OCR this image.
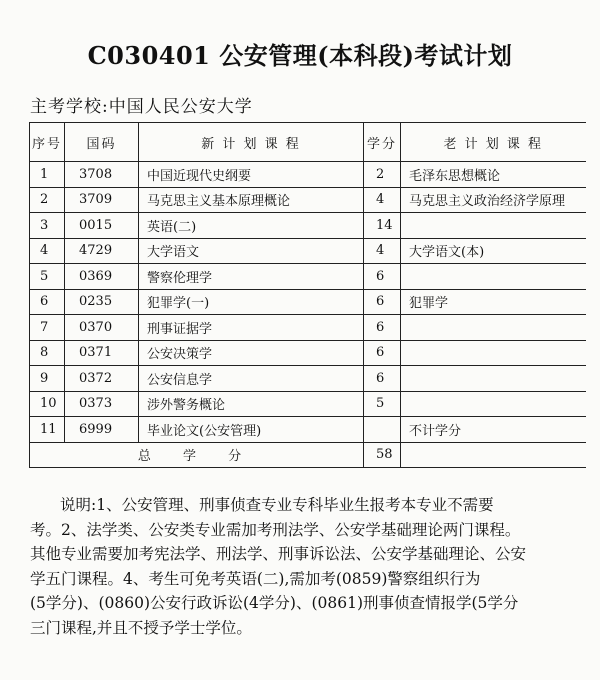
C030401 公安管理(本科段)考试计划
主考学校:中国人民公安大学
序号	国码	新 计 划 课 程	学分	老 计 划 课 程
1	3708	中国近现代史纲要	2	毛泽东思想概论
2	3709	马克思主义基本原理概论	4	马克思主义政治经济学原理
3	0015	英语(二)	14	
4	4729	大学语文	4	大学语文(本)
5	0369	警察伦理学	6	
6	0235	犯罪学(一)	6	犯罪学
7	0370	刑事证据学	6	
8	0371	公安决策学	6	
9	0372	公安信息学	6	
10	0373	涉外警务概论	5	
11	6999	毕业论文(公安管理)		不计学分
总 学 分			58	
说明:1、公安管理、刑事侦查专业专科毕业生报考本专业不需要
考。2、法学类、公安类专业需加考刑法学、公安学基础理论两门课程。
其他专业需要加考宪法学、刑法学、刑事诉讼法、公安学基础理论、公安
学五门课程。4、考生可免考英语(二),需加考(0859)警察组织行为
(5学分)、(0860)公安行政诉讼(4学分)、(0861)刑事侦查情报学(5学分
三门课程,并且不授予学士学位。
